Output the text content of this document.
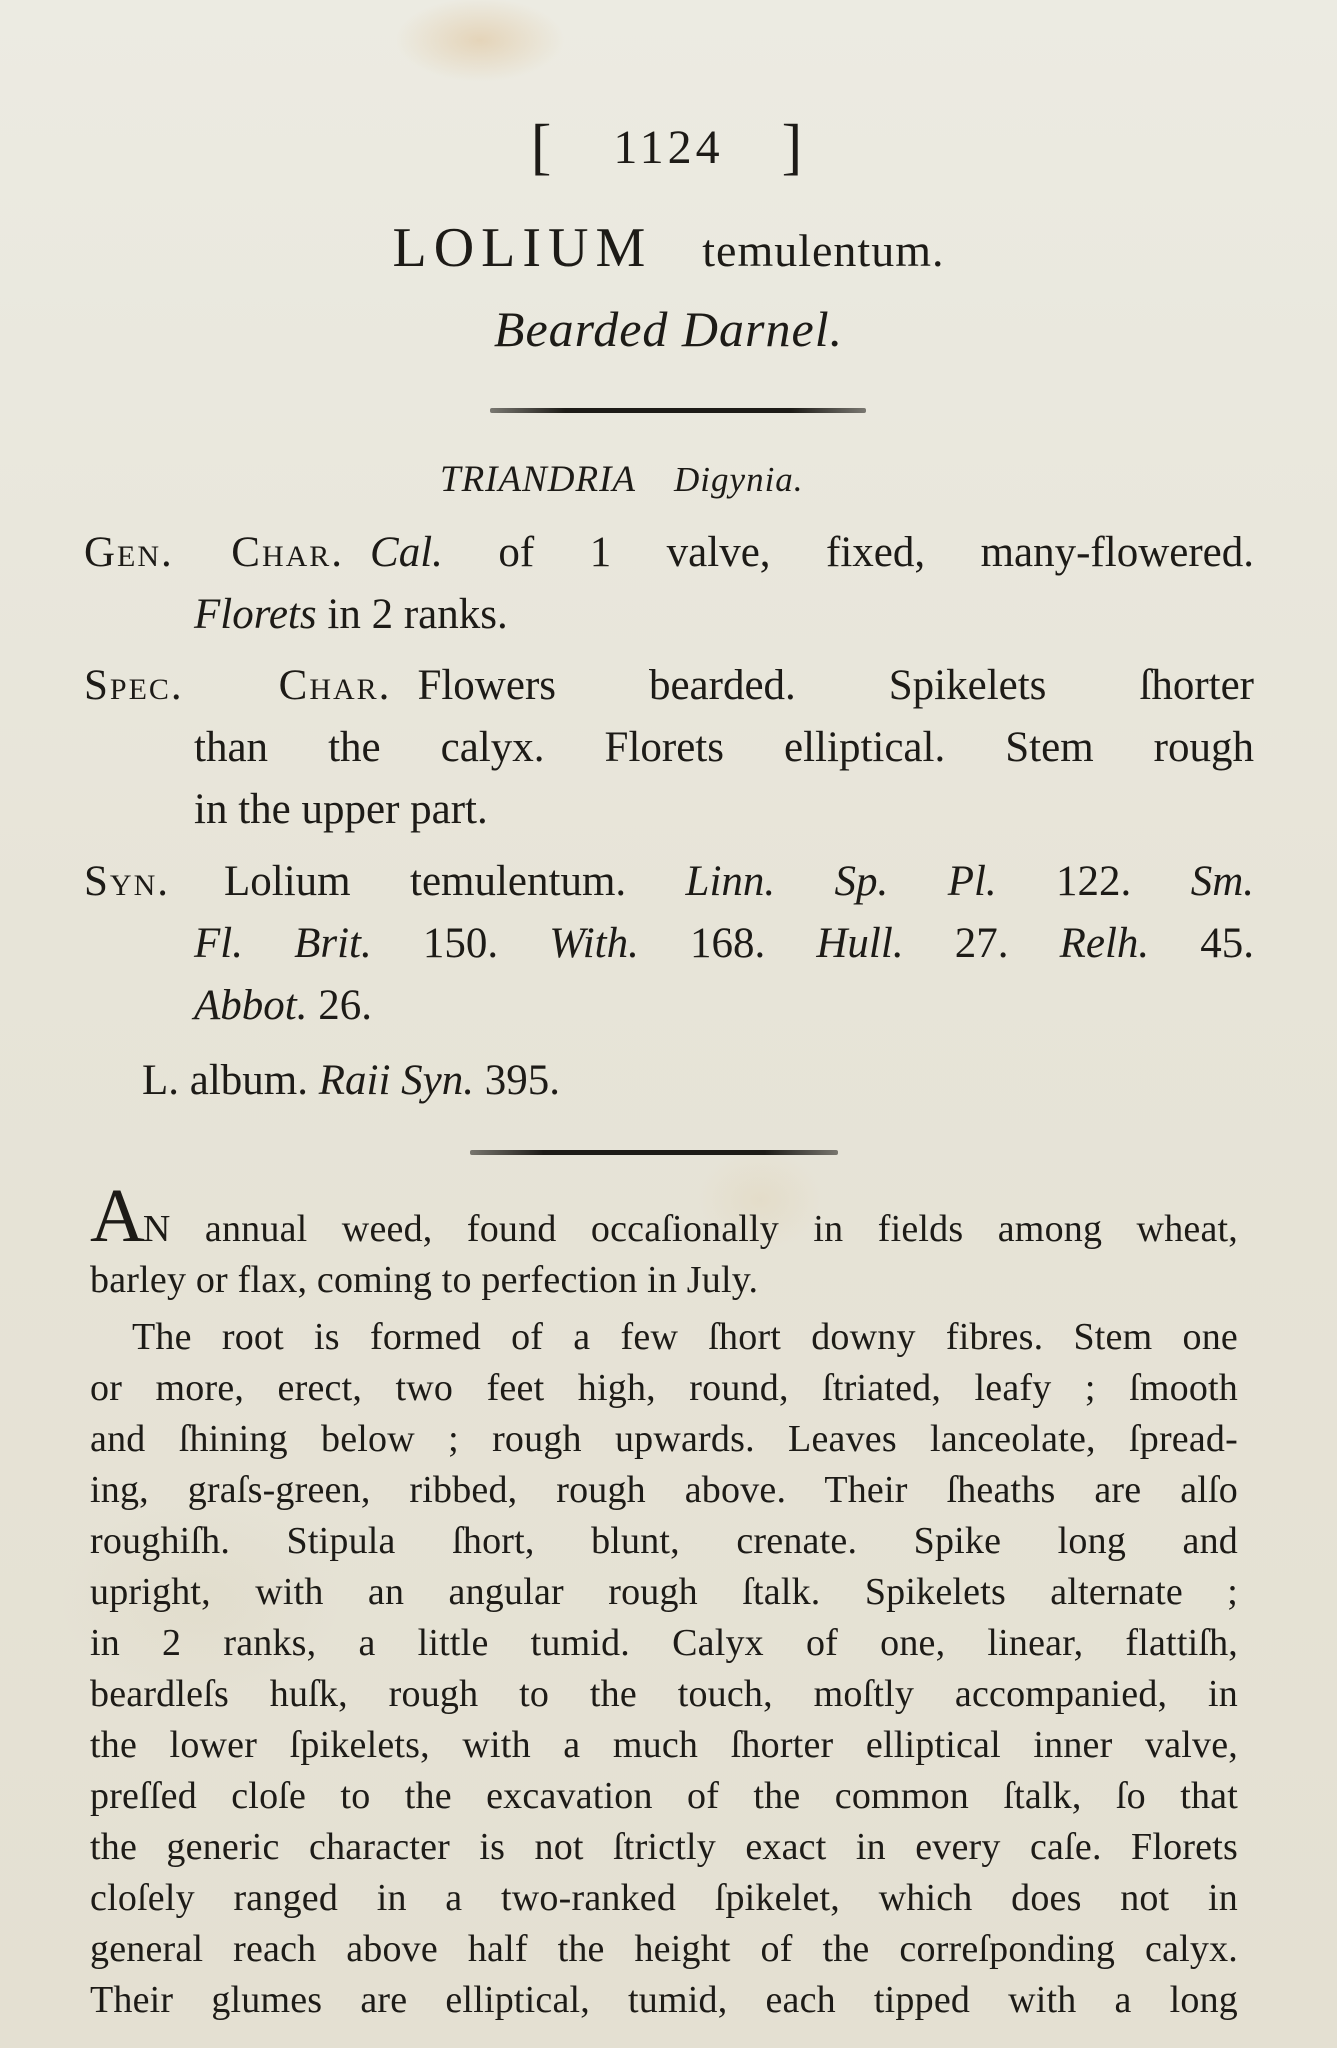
[ 1124 ]
LOLIUM temulentum.
Bearded Darnel.
TRIANDRIA Digynia.
Gen. Char. Cal. of 1 valve, fixed, many-flowered.
Florets in 2 ranks.
Spec. Char. Flowers bearded. Spikelets ſhorter
than the calyx. Florets elliptical. Stem rough
in the upper part.
Syn. Lolium temulentum. Linn. Sp. Pl. 122. Sm.
Fl. Brit. 150. With. 168. Hull. 27. Relh. 45.
Abbot. 26.
L. album. Raii Syn. 395.
AN annual weed, found occaſionally in fields among wheat,
barley or flax, coming to perfection in July.
The root is formed of a few ſhort downy fibres. Stem one
or more, erect, two feet high, round, ſtriated, leafy ; ſmooth
and ſhining below ; rough upwards. Leaves lanceolate, ſpread-
ing, graſs-green, ribbed, rough above. Their ſheaths are alſo
roughiſh. Stipula ſhort, blunt, crenate. Spike long and
upright, with an angular rough ſtalk. Spikelets alternate ;
in 2 ranks, a little tumid. Calyx of one, linear, flattiſh,
beardleſs huſk, rough to the touch, moſtly accompanied, in
the lower ſpikelets, with a much ſhorter elliptical inner valve,
preſſed cloſe to the excavation of the common ſtalk, ſo that
the generic character is not ſtrictly exact in every caſe. Florets
cloſely ranged in a two-ranked ſpikelet, which does not in
general reach above half the height of the correſponding calyx.
Their glumes are elliptical, tumid, each tipped with a long
